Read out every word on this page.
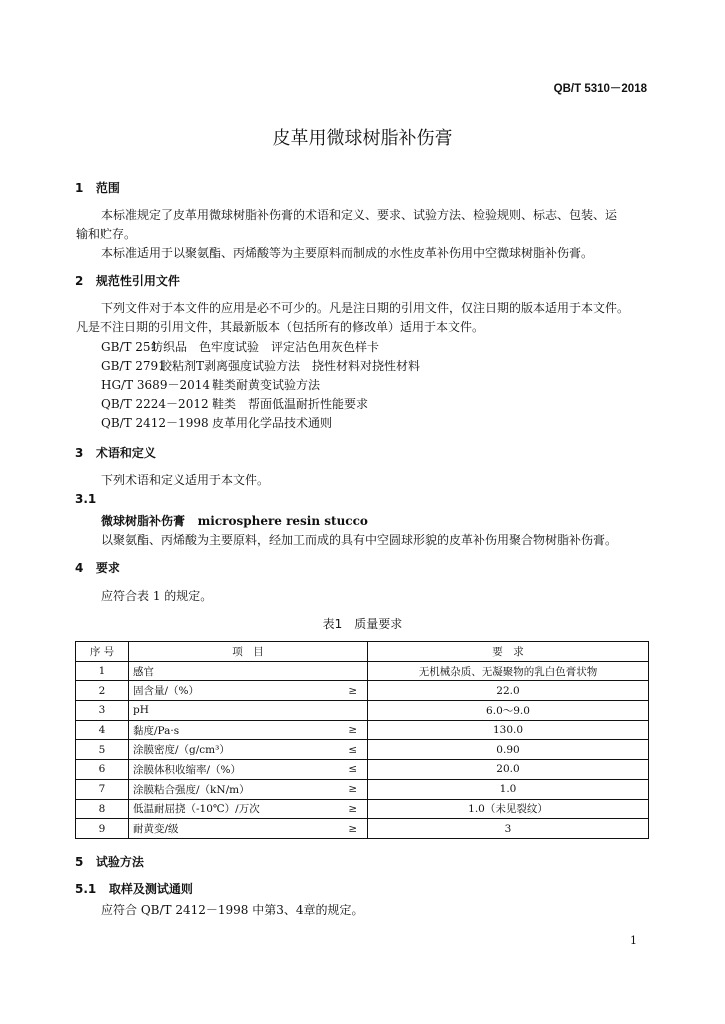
QB/T 5310－2018
皮革用微球树脂补伤膏
1 范围
本标准规定了皮革用微球树脂补伤膏的术语和定义、要求、试验方法、检验规则、标志、包装、运
输和贮存。
本标准适用于以聚氨酯、丙烯酸等为主要原料而制成的水性皮革补伤用中空微球树脂补伤膏。
2 规范性引用文件
下列文件对于本文件的应用是必不可少的。凡是注日期的引用文件，仅注日期的版本适用于本文件。
凡是不注日期的引用文件，其最新版本（包括所有的修改单）适用于本文件。
GB/T 251纺织品　色牢度试验　评定沾色用灰色样卡
GB/T 2791胶粘剂T剥离强度试验方法　挠性材料对挠性材料
HG/T 3689－2014 鞋类耐黄变试验方法
QB/T 2224－2012 鞋类　帮面低温耐折性能要求
QB/T 2412－1998 皮革用化学品技术通则
3 术语和定义
下列术语和定义适用于本文件。
3.1
微球树脂补伤膏 microsphere resin stucco
以聚氨酯、丙烯酸为主要原料，经加工而成的具有中空圆球形貌的皮革补伤用聚合物树脂补伤膏。
4 要求
应符合表 1 的规定。
表1　质量要求
序 号	项　目		要　求
1	感官		无机械杂质、无凝聚物的乳白色膏状物
2	固含量/（%）	≥	22.0
3	pH		6.0～9.0
4	黏度/Pa·s	≥	130.0
5	涂膜密度/（g/cm³）	≤	0.90
6	涂膜体积收缩率/（%）	≤	20.0
7	涂膜粘合强度/（kN/m）	≥	1.0
8	低温耐屈挠（-10℃）/万次	≥	1.0（未见裂纹）
9	耐黄变/级	≥	3
5 试验方法
5.1 取样及测试通则
应符合 QB/T 2412－1998 中第3、4章的规定。
1
